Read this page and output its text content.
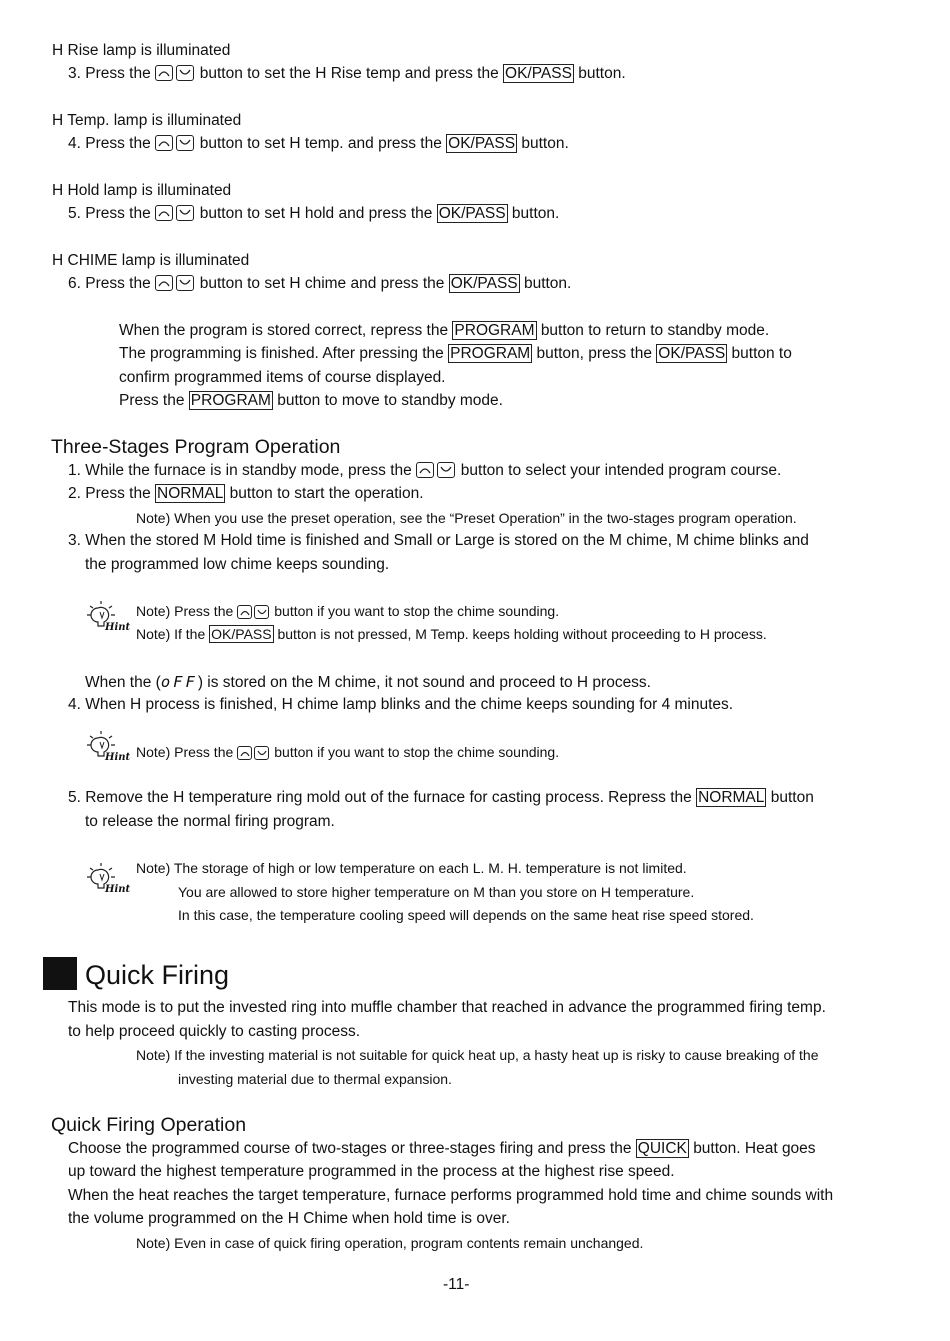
H Rise lamp is illuminated
3. Press the	button to set the H Rise temp and press the OK/PASS button.
H Temp. lamp is illuminated
4. Press the	button to set H temp. and press the OK/PASS button.
H Hold lamp is illuminated
5. Press the	button to set H hold and press the OK/PASS button.
H CHIME lamp is illuminated
6. Press the	button to set H chime and press the OK/PASS button.
When the program is stored correct, repress the PROGRAM button to return to standby mode.
The programming is finished. After pressing the PROGRAM button, press the OK/PASS button to
confirm programmed items of course displayed.
Press the PROGRAM button to move to standby mode.
Three-Stages Program Operation
1. While the furnace is in standby mode, press the	button to select your intended program course.
2. Press the NORMAL button to start the operation.
Note) When you use the preset operation, see the “Preset Operation” in the two-stages program operation.
3. When the stored M Hold time is finished and Small or Large is stored on the M chime, M chime blinks and
the programmed low chime keeps sounding.
Hint
Note) Press the	button if you want to stop the chime sounding.
Note) If the OK/PASS button is not pressed, M Temp. keeps holding without proceeding to H process.
When the (oFF) is stored on the M chime, it not sound and proceed to H process.
4. When H process is finished, H chime lamp blinks and the chime keeps sounding for 4 minutes.
Hint Note) Press the	button if you want to stop the chime sounding.
5. Remove the H temperature ring mold out of the furnace for casting process. Repress the NORMAL button
to release the normal firing program.
Hint
Note) The storage of high or low temperature on each L. M. H. temperature is not limited.
You are allowed to store higher temperature on M than you store on H temperature.
In this case, the temperature cooling speed will depends on the same heat rise speed stored.
Quick Firing
This mode is to put the invested ring into muffle chamber that reached in advance the programmed firing temp.
to help proceed quickly to casting process.
Note) If the investing material is not suitable for quick heat up, a hasty heat up is risky to cause breaking of the
investing material due to thermal expansion.
Quick Firing Operation
Choose the programmed course of two-stages or three-stages firing and press the QUICK button. Heat goes
up toward the highest temperature programmed in the process at the highest rise speed.
When the heat reaches the target temperature, furnace performs programmed hold time and chime sounds with
the volume programmed on the H Chime when hold time is over.
Note) Even in case of quick firing operation, program contents remain unchanged.
-11-
